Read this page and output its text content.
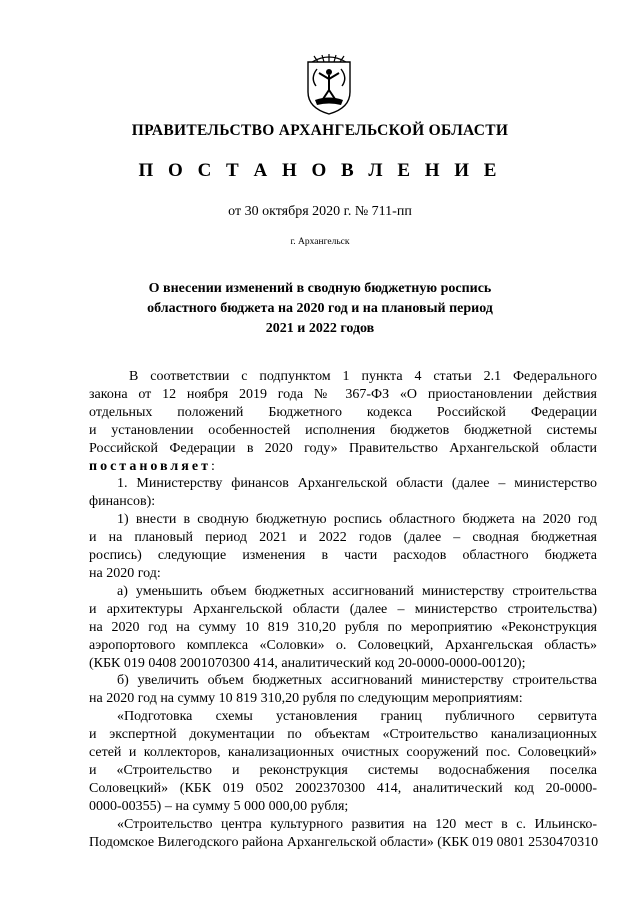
ПРАВИТЕЛЬСТВО АРХАНГЕЛЬСКОЙ ОБЛАСТИ
П О С Т А Н О В Л Е Н И Е
от 30 октября 2020 г. № 711-пп
г. Архангельск
О внесении изменений в сводную бюджетную роспись
областного бюджета на 2020 год и на плановый период
2021 и 2022 годов
В соответствии с подпунктом 1 пункта 4 статьи 2.1 Федерального
закона от 12 ноября 2019 года № 367-ФЗ «О приостановлении действия
отдельных положений Бюджетного кодекса Российской Федерации
и установлении особенностей исполнения бюджетов бюджетной системы
Российской Федерации в 2020 году» Правительство Архангельской области
постановляет:
1. Министерству финансов Архангельской области (далее – министерство
финансов):
1) внести в сводную бюджетную роспись областного бюджета на 2020 год
и на плановый период 2021 и 2022 годов (далее – сводная бюджетная
роспись) следующие изменения в части расходов областного бюджета
на 2020 год:
а) уменьшить объем бюджетных ассигнований министерству строительства
и архитектуры Архангельской области (далее – министерство строительства)
на 2020 год на сумму 10 819 310,20 рубля по мероприятию «Реконструкция
аэропортового комплекса «Соловки» о. Соловецкий, Архангельская область»
(КБК 019 0408 2001070300 414, аналитический код 20-0000-0000-00120);
б) увеличить объем бюджетных ассигнований министерству строительства
на 2020 год на сумму 10 819 310,20 рубля по следующим мероприятиям:
«Подготовка схемы установления границ публичного сервитута
и экспертной документации по объектам «Строительство канализационных
сетей и коллекторов, канализационных очистных сооружений пос. Соловецкий»
и «Строительство и реконструкция системы водоснабжения поселка
Соловецкий» (КБК 019 0502 2002370300 414, аналитический код 20-0000-
0000-00355) – на сумму 5 000 000,00 рубля;
«Строительство центра культурного развития на 120 мест в с. Ильинско-
Подомское Вилегодского района Архангельской области» (КБК 019 0801 2530470310
